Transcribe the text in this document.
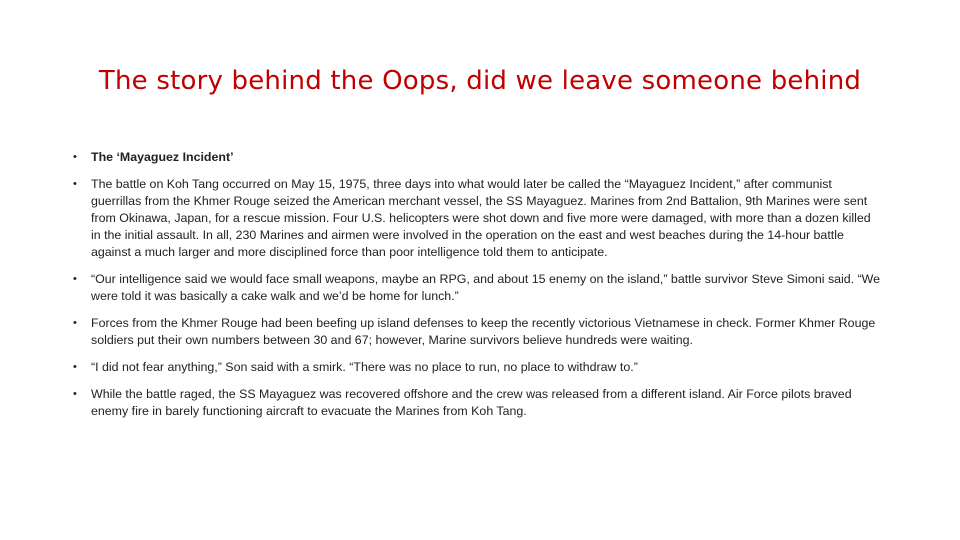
The story behind the Oops, did we leave someone behind
• The ‘Mayaguez Incident’
• The battle on Koh Tang occurred on May 15, 1975, three days into what would later be called the “Mayaguez Incident,” after communist guerrillas from the Khmer Rouge seized the American merchant vessel, the SS Mayaguez. Marines from 2nd Battalion, 9th Marines were sent from Okinawa, Japan, for a rescue mission. Four U.S. helicopters were shot down and five more were damaged, with more than a dozen killed in the initial assault. In all, 230 Marines and airmen were involved in the operation on the east and west beaches during the 14-hour battle against a much larger and more disciplined force than poor intelligence told them to anticipate.
• “Our intelligence said we would face small weapons, maybe an RPG, and about 15 enemy on the island,” battle survivor Steve Simoni said. “We were told it was basically a cake walk and we’d be home for lunch.”
• Forces from the Khmer Rouge had been beefing up island defenses to keep the recently victorious Vietnamese in check. Former Khmer Rouge soldiers put their own numbers between 30 and 67; however, Marine survivors believe hundreds were waiting.
• “I did not fear anything,” Son said with a smirk. “There was no place to run, no place to withdraw to.”
• While the battle raged, the SS Mayaguez was recovered offshore and the crew was released from a different island. Air Force pilots braved enemy fire in barely functioning aircraft to evacuate the Marines from Koh Tang.
